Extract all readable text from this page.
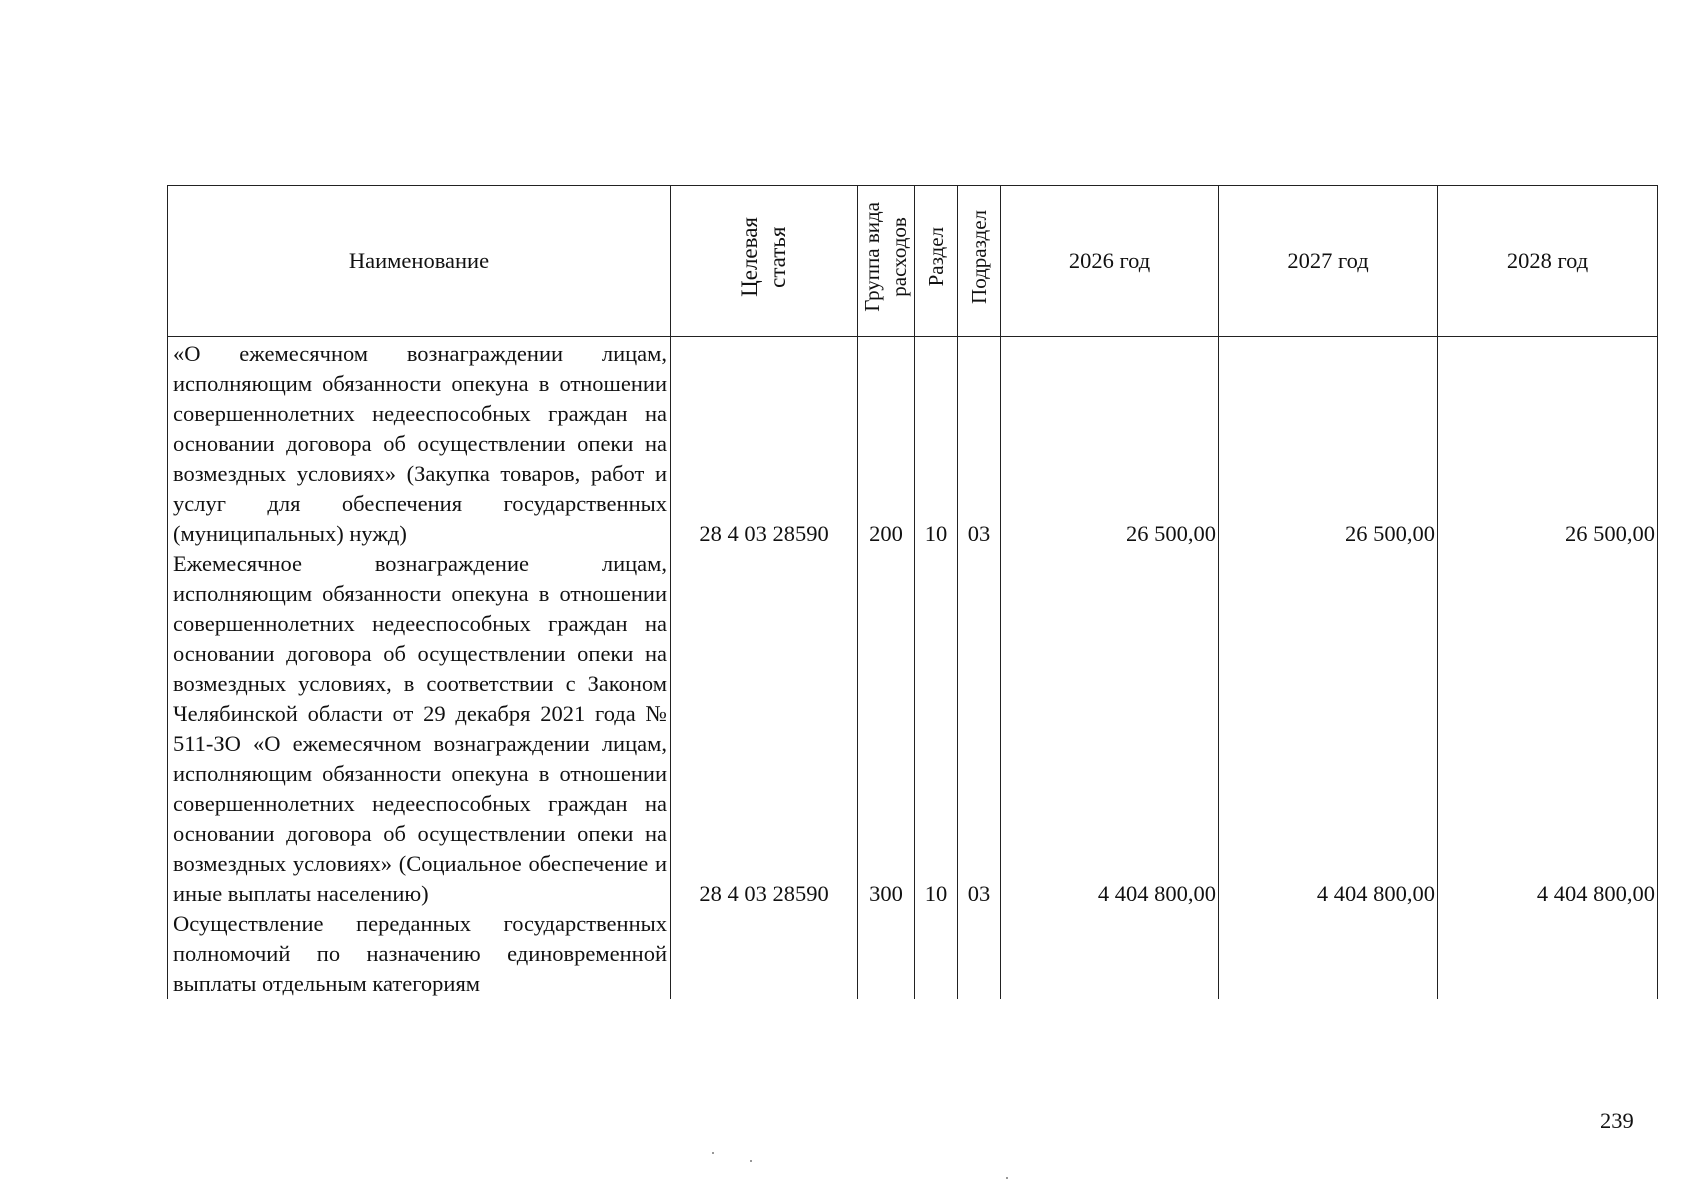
Наименование	Целевая статья	Группа вида расходов	Раздел	Подраздел	2026 год	2027 год	2028 год
«О ежемесячном вознаграждении лицам, исполняющим обязанности опекуна в отношении совершеннолетних недееспособных граждан на основании договора об осуществлении опеки на возмездных условиях» (Закупка товаров, работ и услуг для обеспечения государственных (муниципальных) нужд)	28 4 03 28590	200	10	03	26 500,00	26 500,00	26 500,00
Ежемесячное вознаграждение лицам, исполняющим обязанности опекуна в отношении совершеннолетних недееспособных граждан на основании договора об осуществлении опеки на возмездных условиях, в соответствии с Законом Челябинской области от 29 декабря 2021 года № 511-ЗО «О ежемесячном вознаграждении лицам, исполняющим обязанности опекуна в отношении совершеннолетних недееспособных граждан на основании договора об осуществлении опеки на возмездных условиях» (Социальное обеспечение и иные выплаты населению)	28 4 03 28590	300	10	03	4 404 800,00	4 404 800,00	4 404 800,00
Осуществление переданных государственных полномочий по назначению единовременной выплаты отдельным категориям							
239
